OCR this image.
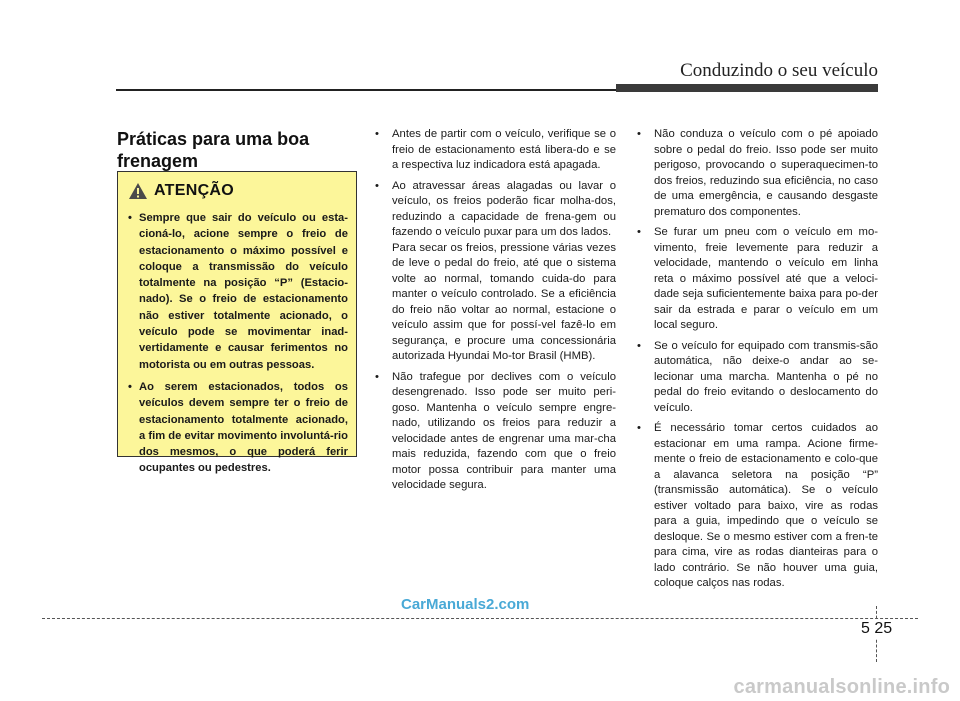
Conduzindo o seu veículo
Práticas para uma boa frenagem
ATENÇÃO
• Sempre que sair do veículo ou esta-cioná-lo, acione sempre o freio de estacionamento o máximo possível e coloque a transmissão do veículo totalmente na posição “P” (Estacio-nado). Se o freio de estacionamento não estiver totalmente acionado, o veículo pode se movimentar inad-vertidamente e causar ferimentos no motorista ou em outras pessoas.
• Ao serem estacionados, todos os veículos devem sempre ter o freio de estacionamento totalmente acionado, a fim de evitar movimento involuntá-rio dos mesmos, o que poderá ferir ocupantes ou pedestres.
• Antes de partir com o veículo, verifique se o freio de estacionamento está libera-do e se a respectiva luz indicadora está apagada.
• Ao atravessar áreas alagadas ou lavar o veículo, os freios poderão ficar molha-dos, reduzindo a capacidade de frena-gem ou fazendo o veículo puxar para um dos lados.
Para secar os freios, pressione várias vezes de leve o pedal do freio, até que o sistema volte ao normal, tomando cuida-do para manter o veículo controlado. Se a eficiência do freio não voltar ao normal, estacione o veículo assim que for possí-vel fazê-lo em segurança, e procure uma concessionária autorizada Hyundai Mo-tor Brasil (HMB).
• Não trafegue por declives com o veículo desengrenado. Isso pode ser muito peri-goso. Mantenha o veículo sempre engre-nado, utilizando os freios para reduzir a velocidade antes de engrenar uma mar-cha mais reduzida, fazendo com que o freio motor possa contribuir para manter uma velocidade segura.
• Não conduza o veículo com o pé apoiado sobre o pedal do freio. Isso pode ser muito perigoso, provocando o superaquecimen-to dos freios, reduzindo sua eficiência, no caso de uma emergência, e causando desgaste prematuro dos componentes.
• Se furar um pneu com o veículo em mo-vimento, freie levemente para reduzir a velocidade, mantendo o veículo em linha reta o máximo possível até que a veloci-dade seja suficientemente baixa para po-der sair da estrada e parar o veículo em um local seguro.
• Se o veículo for equipado com transmis-são automática, não deixe-o andar ao se-lecionar uma marcha. Mantenha o pé no pedal do freio evitando o deslocamento do veículo.
• É necessário tomar certos cuidados ao estacionar em uma rampa. Acione firme-mente o freio de estacionamento e colo-que a alavanca seletora na posição “P” (transmissão automática). Se o veículo estiver voltado para baixo, vire as rodas para a guia, impedindo que o veículo se desloque. Se o mesmo estiver com a fren-te para cima, vire as rodas dianteiras para o lado contrário. Se não houver uma guia, coloque calços nas rodas.
5 25
CarManuals2.com
carmanualsonline.info
